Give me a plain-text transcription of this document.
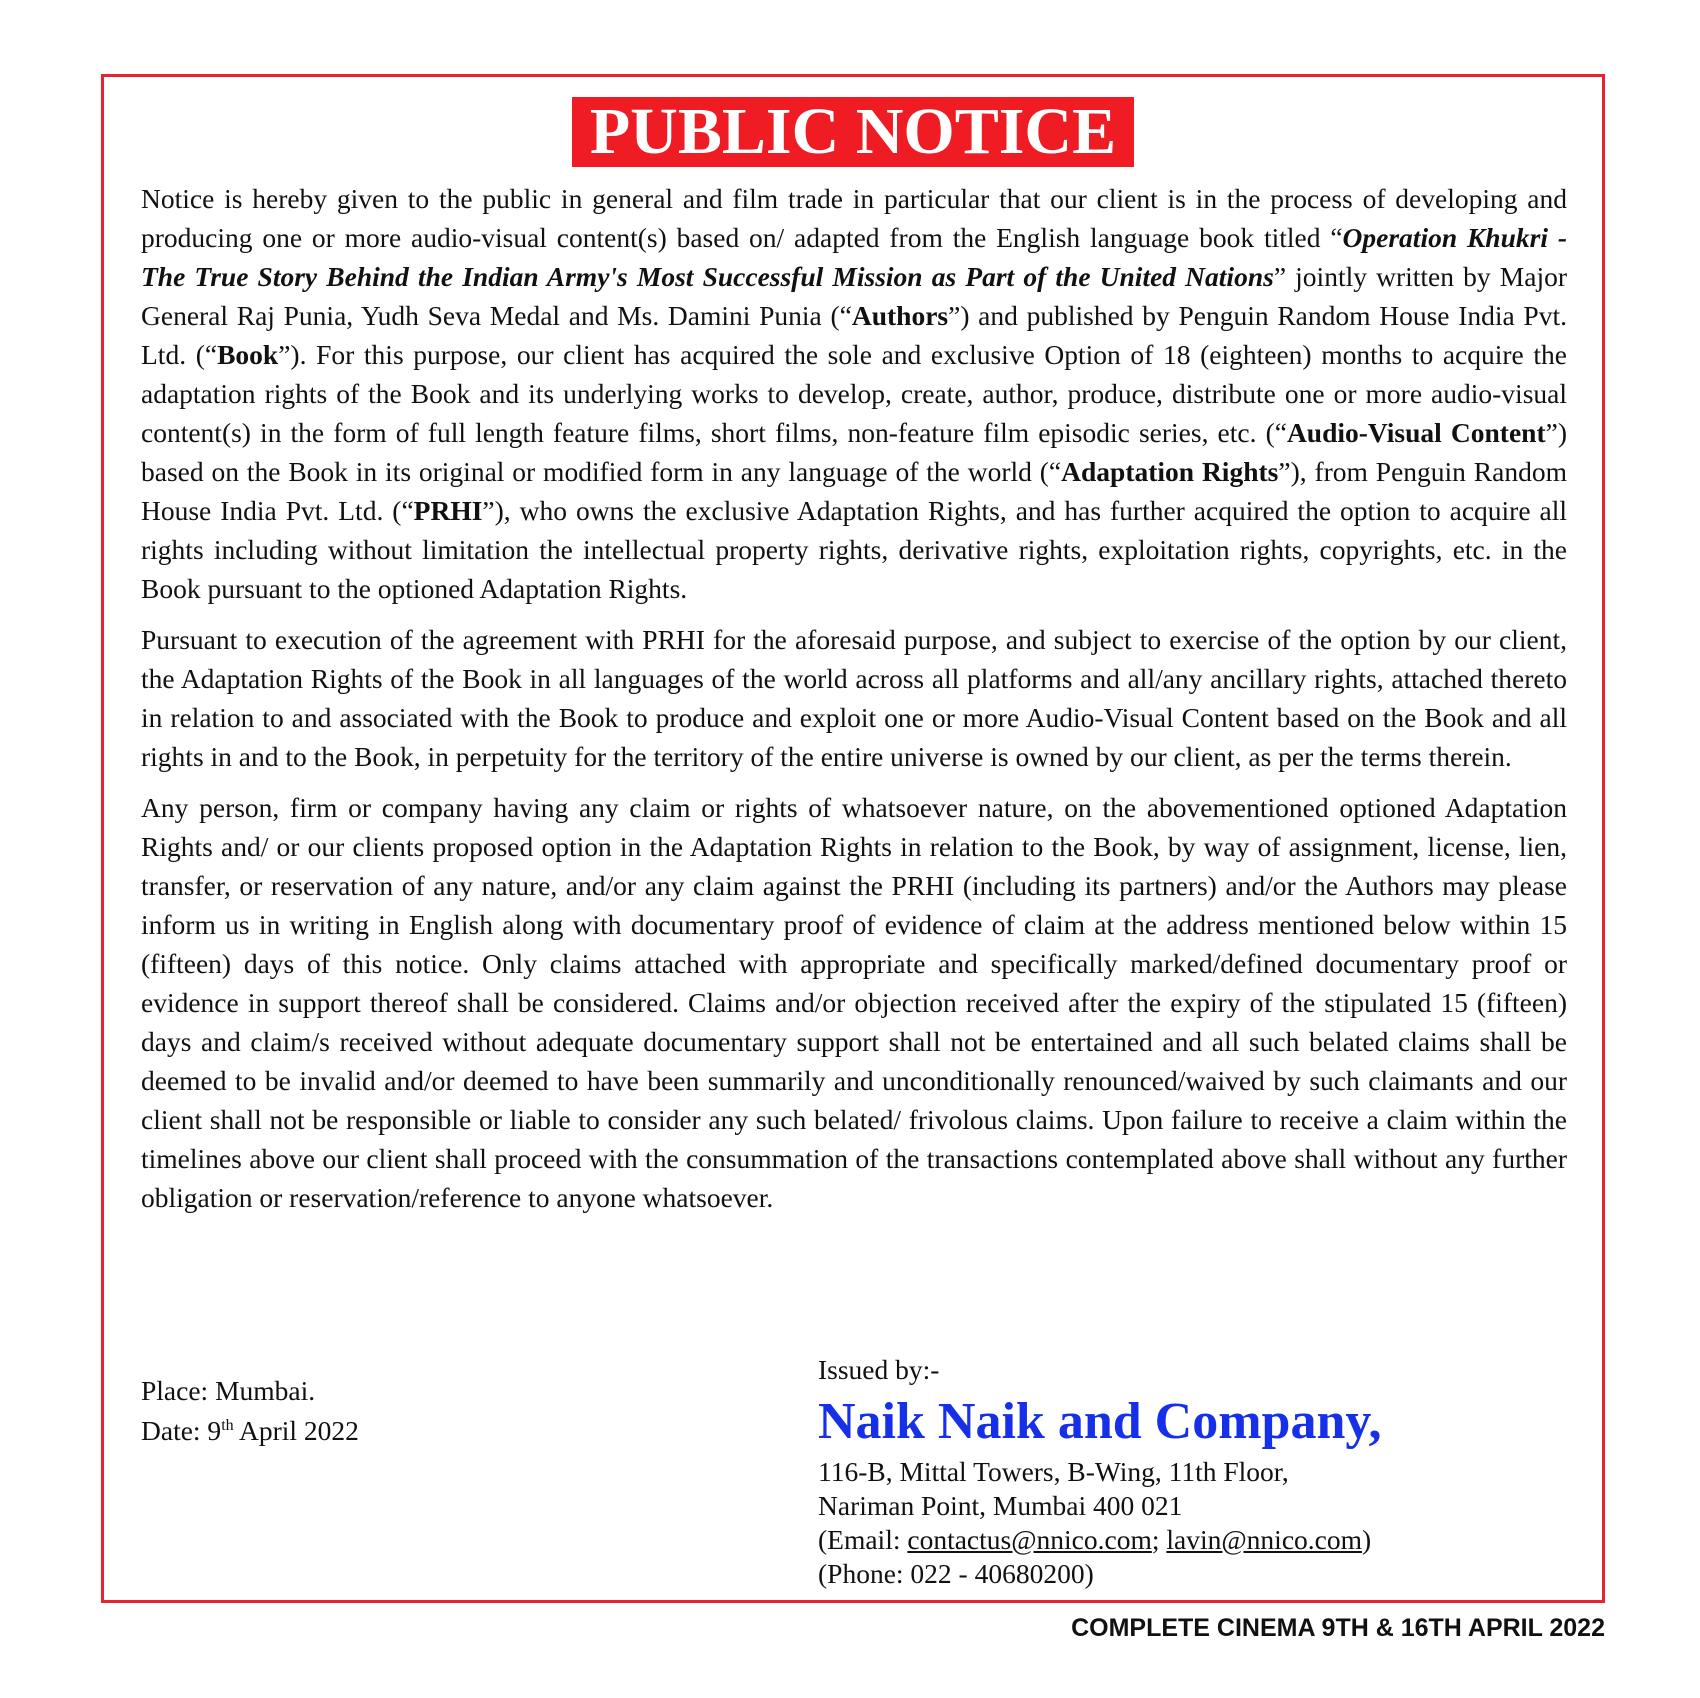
PUBLIC NOTICE

Notice is hereby given to the public in general and film trade in particular that our client is in the process of developing and producing one or more audio-visual content(s) based on/ adapted from the English language book titled “Operation Khukri - The True Story Behind the Indian Army's Most Successful Mission as Part of the United Nations” jointly written by Major General Raj Punia, Yudh Seva Medal and Ms. Damini Punia (“Authors”) and published by Penguin Random House India Pvt. Ltd. (“Book”). For this purpose, our client has acquired the sole and exclusive Option of 18 (eighteen) months to acquire the adaptation rights of the Book and its underlying works to develop, create, author, produce, distribute one or more audio-visual content(s) in the form of full length feature films, short films, non-feature film episodic series, etc. (“Audio-Visual Content”) based on the Book in its original or modified form in any language of the world (“Adaptation Rights”), from Penguin Random House India Pvt. Ltd. (“PRHI”), who owns the exclusive Adaptation Rights, and has further acquired the option to acquire all rights including without limitation the intellectual property rights, derivative rights, exploitation rights, copyrights, etc. in the Book pursuant to the optioned Adaptation Rights.

Pursuant to execution of the agreement with PRHI for the aforesaid purpose, and subject to exercise of the option by our client, the Adaptation Rights of the Book in all languages of the world across all platforms and all/any ancillary rights, attached thereto in relation to and associated with the Book to produce and exploit one or more Audio-Visual Content based on the Book and all rights in and to the Book, in perpetuity for the territory of the entire universe is owned by our client, as per the terms therein.

Any person, firm or company having any claim or rights of whatsoever nature, on the abovementioned optioned Adaptation Rights and/ or our clients proposed option in the Adaptation Rights in relation to the Book, by way of assignment, license, lien, transfer, or reservation of any nature, and/or any claim against the PRHI (including its partners) and/or the Authors may please inform us in writing in English along with documentary proof of evidence of claim at the address mentioned below within 15 (fifteen) days of this notice. Only claims attached with appropriate and specifically marked/defined documentary proof or evidence in support thereof shall be considered. Claims and/or objection received after the expiry of the stipulated 15 (fifteen) days and claim/s received without adequate documentary support shall not be entertained and all such belated claims shall be deemed to be invalid and/or deemed to have been summarily and unconditionally renounced/waived by such claimants and our client shall not be responsible or liable to consider any such belated/ frivolous claims. Upon failure to receive a claim within the timelines above our client shall proceed with the consummation of the transactions contemplated above shall without any further obligation or reservation/reference to anyone whatsoever.

Place: Mumbai.
Date: 9th April 2022
Issued by:-
Naik Naik and Company,
116-B, Mittal Towers, B-Wing, 11th Floor,
Nariman Point, Mumbai 400 021
(Email: contactus@nnico.com; lavin@nnico.com)
(Phone: 022 - 40680200)
COMPLETE CINEMA 9TH & 16TH APRIL 2022
